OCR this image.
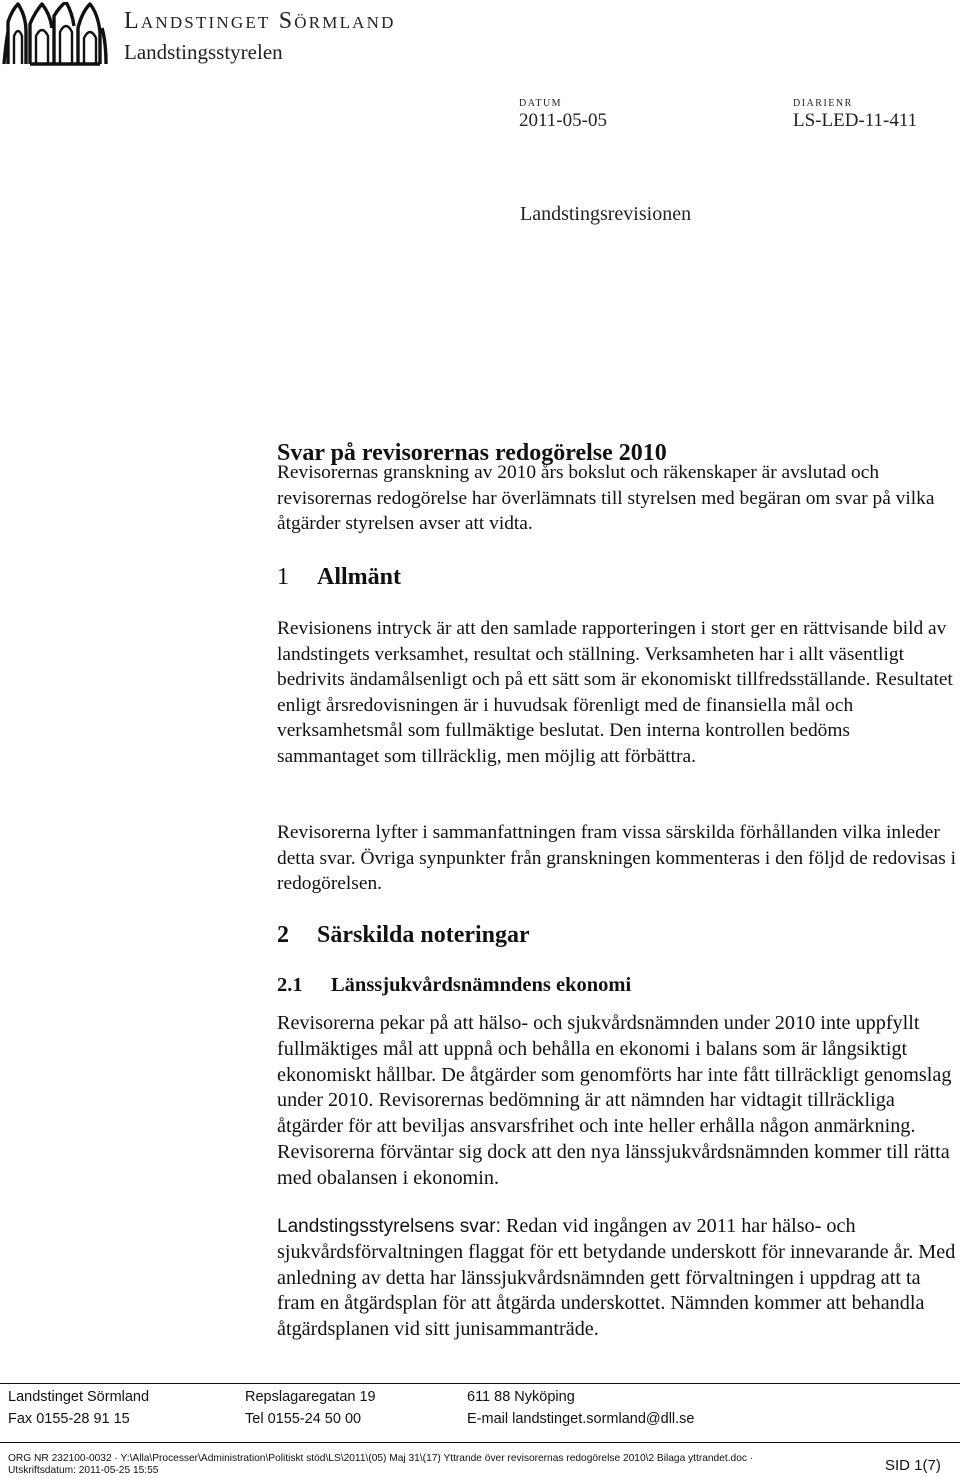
Landstinget Sörmland
Landstingsstyrelen
DATUM
2011-05-05
DIARIENR
LS-LED-11-411
Landstingsrevisionen
Svar på revisorernas redogörelse 2010

Revisorernas granskning av 2010 års bokslut och räkenskaper är avslutad och revisorernas redogörelse har överlämnats till styrelsen med begäran om svar på vilka åtgärder styrelsen avser att vidta.

1 Allmänt

Revisionens intryck är att den samlade rapporteringen i stort ger en rättvisande bild av landstingets verksamhet, resultat och ställning. Verksamheten har i allt väsentligt bedrivits ändamålsenligt och på ett sätt som är ekonomiskt tillfredsställande. Resultatet enligt årsredovisningen är i huvudsak förenligt med de finansiella mål och verksamhetsmål som fullmäktige beslutat. Den interna kontrollen bedöms sammantaget som tillräcklig, men möjlig att förbättra.

Revisorerna lyfter i sammanfattningen fram vissa särskilda förhållanden vilka inleder detta svar. Övriga synpunkter från granskningen kommenteras i den följd de redovisas i redogörelsen.

2 Särskilda noteringar
2.1 Länssjukvårdsnämndens ekonomi

Revisorerna pekar på att hälso- och sjukvårdsnämnden under 2010 inte uppfyllt fullmäktiges mål att uppnå och behålla en ekonomi i balans som är långsiktigt ekonomiskt hållbar. De åtgärder som genomförts har inte fått tillräckligt genomslag under 2010. Revisorernas bedömning är att nämnden har vidtagit tillräckliga åtgärder för att beviljas ansvarsfrihet och inte heller erhålla någon anmärkning. Revisorerna förväntar sig dock att den nya länssjukvårdsnämnden kommer till rätta med obalansen i ekonomin.

Landstingsstyrelsens svar: Redan vid ingången av 2011 har hälso- och sjukvårdsförvaltningen flaggat för ett betydande underskott för innevarande år. Med anledning av detta har länssjukvårdsnämnden gett förvaltningen i uppdrag att ta fram en åtgärdsplan för att åtgärda underskottet. Nämnden kommer att behandla åtgärdsplanen vid sitt junisammanträde.

Landstinget Sörmland	Repslagaregatan 19	611 88 Nyköping
Fax 0155-28 91 15	Tel 0155-24 50 00	E-mail landstinget.sormland@dll.se
ORG NR 232100-0032 · Y:\Alla\Processer\Administration\Politiskt stöd\LS\2011\(05) Maj 31\(17) Yttrande över revisorernas redogörelse 2010\2 Bilaga yttrandet.doc ·
Utskriftsdatum: 2011-05-25 15:55	SID 1(7)
